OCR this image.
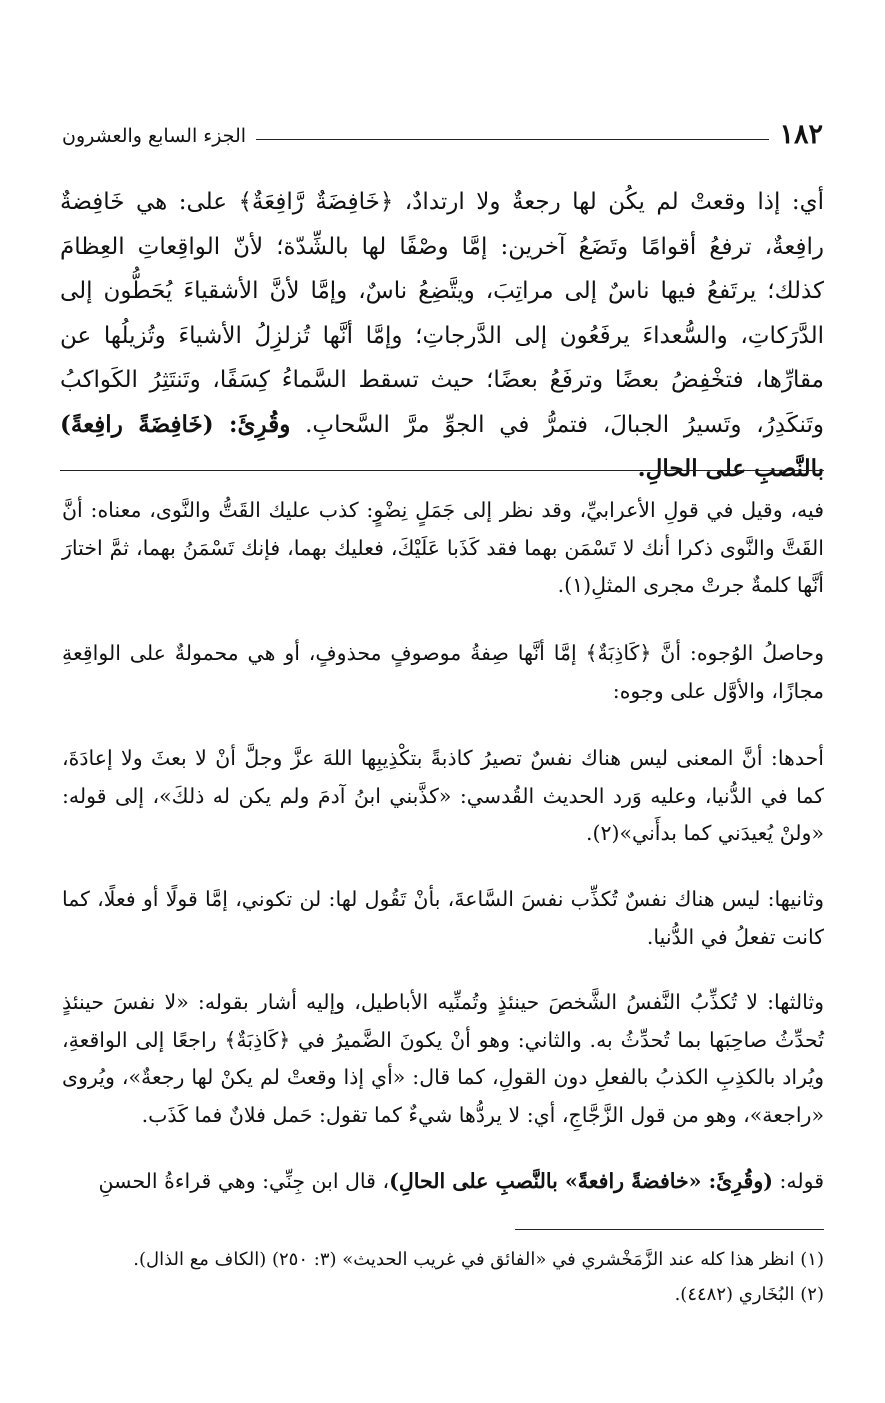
١٨٢
الجزء السابع والعشرون
أي: إذا وقعتْ لم يكُن لها رجعةٌ ولا ارتدادٌ، ﴿خَافِضَةٌ رَّافِعَةٌ﴾ على: هي خَافِضةٌ رافِعةٌ، ترفعُ أقوامًا وتَضَعُ آخرين: إمَّا وصْفًا لها بالشِّدّة؛ لأنّ الواقِعاتِ العِظامَ كذلك؛ يرتَفعُ فيها ناسٌ إلى مراتِبَ، ويتَّضِعُ ناسٌ، وإمَّا لأنَّ الأشقياءَ يُحَطُّون إلى الدَّرَكاتِ، والسُّعداءَ يرفَعُون إلى الدَّرجاتِ؛ وإمَّا أنَّها تُزلزِلُ الأشياءَ وتُزيلُها عن مقارِّها، فتخْفِضُ بعضًا وترفَعُ بعضًا؛ حيث تسقط السَّماءُ كِسَفًا، وتَنتَثِرُ الكَواكبُ وتَنكَدِرُ، وتَسيرُ الجبالَ، فتمرُّ في الجوِّ مرَّ السَّحابِ. وقُرِئَ: (خَافِضَةً رافِعةً) بالنَّصبِ على الحالِ.
فيه، وقيل في قولِ الأعرابيِّ، وقد نظر إلى جَمَلٍ نِضْوٍ: كذب عليك القَتُّ والنَّوى، معناه: أنَّ القَتَّ والنَّوى ذكرا أنك لا تَسْمَن بهما فقد كَذَبا عَلَيْكَ، فعليك بهما، فإنك تَسْمَنُ بهما، ثمَّ اختارَ أنَّها كلمةٌ جرتْ مجرى المثلِ(١).
وحاصلُ الوُجوه: أنَّ ﴿كَاذِبَةٌ﴾ إمَّا أنَّها صِفةُ موصوفٍ محذوفٍ، أو هي محمولةٌ على الواقِعةِ مجازًا، والأوَّل على وجوه:
أحدها: أنَّ المعنى ليس هناك نفسٌ تصيرُ كاذبةً بتكْذِيبِها اللهَ عزَّ وجلَّ أنْ لا بعثَ ولا إعادَةَ، كما في الدُّنيا، وعليه وَرد الحديث القُدسي: «كذَّبني ابنُ آدمَ ولم يكن له ذلكَ»، إلى قوله: «ولنْ يُعيدَني كما بدأَني»(٢).
وثانيها: ليس هناك نفسٌ تُكذِّب نفسَ السَّاعةَ، بأنْ تَقُول لها: لن تكوني، إمَّا قولًا أو فعلًا، كما كانت تفعلُ في الدُّنيا.
وثالثها: لا تُكذِّبُ النَّفسُ الشَّخصَ حينئذٍ وتُمنِّيه الأباطيل، وإليه أشار بقوله: «لا نفسَ حينئذٍ تُحدِّثُ صاحِبَها بما تُحدِّثُ به. والثاني: وهو أنْ يكونَ الضَّميرُ في ﴿كَاذِبَةٌ﴾ راجعًا إلى الواقعةِ، ويُراد بالكذِبِ الكذبُ بالفعلِ دون القولِ، كما قال: «أي إذا وقعتْ لم يكنْ لها رجعةٌ»، ويُروى «راجعة»، وهو من قول الزَّجَّاجِ، أي: لا يردُّها شيءٌ كما تقول: حَمل فلانٌ فما كَذَب.
قوله: (وقُرِئَ: «خافضةً رافعةً» بالنَّصبِ على الحالِ)، قال ابن جِنِّي: وهي قراءةُ الحسنِ
(١) انظر هذا كله عند الزَّمَخْشري في «الفائق في غريب الحديث» (٣: ٢٥٠) (الكاف مع الذال).
(٢) البُخَاري (٤٤٨٢).
